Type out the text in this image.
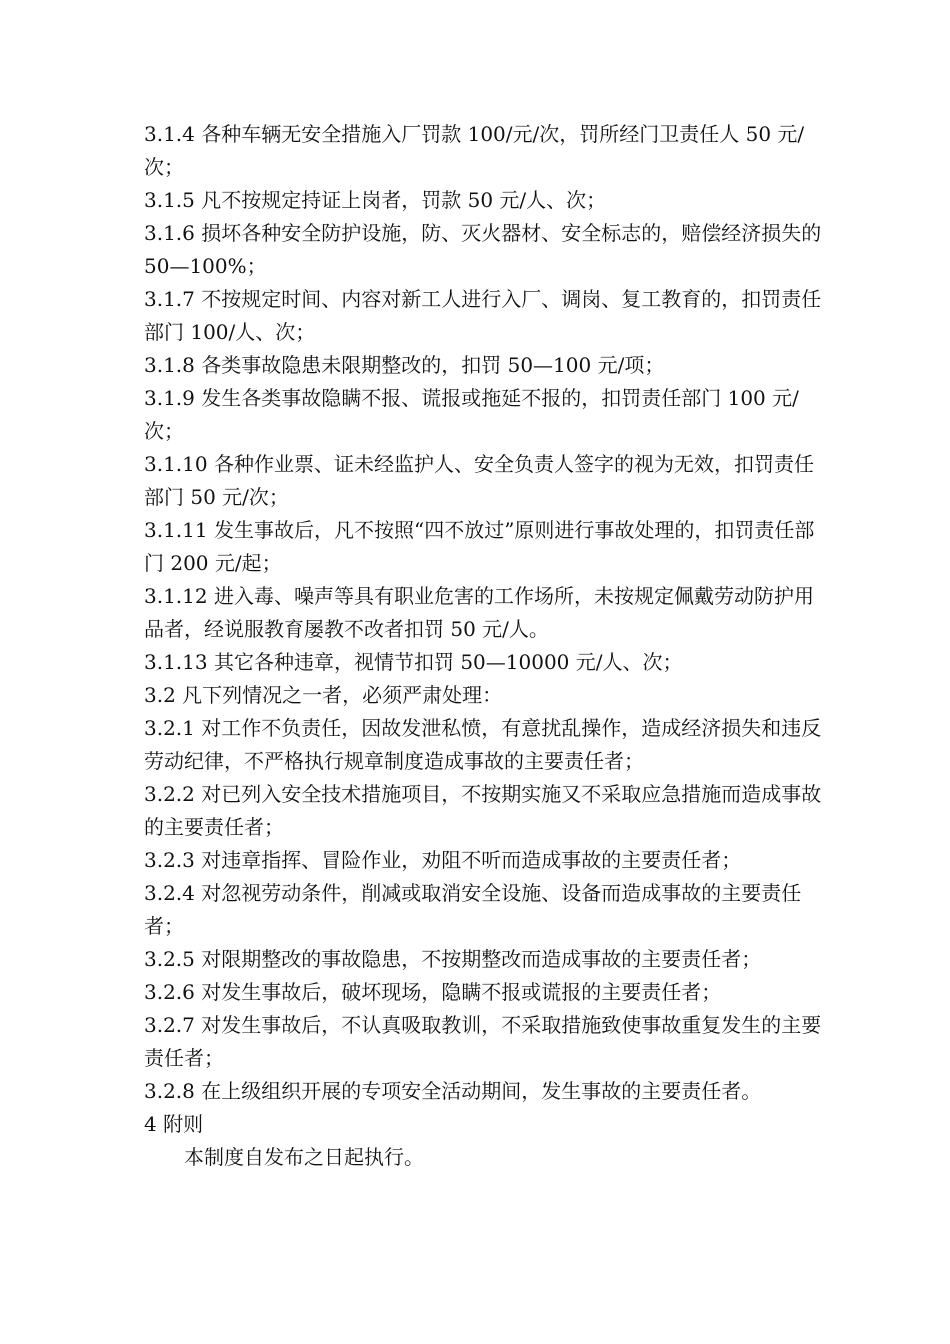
3.1.4 各种车辆无安全措施入厂罚款 100/元/次，罚所经门卫责任人 50 元/次；

3.1.5 凡不按规定持证上岗者，罚款 50 元/人、次；

3.1.6 损坏各种安全防护设施，防、灭火器材、安全标志的，赔偿经济损失的 50—100%；

3.1.7 不按规定时间、内容对新工人进行入厂、调岗、复工教育的，扣罚责任部门 100/人、次；

3.1.8 各类事故隐患未限期整改的，扣罚 50—100 元/项；

3.1.9 发生各类事故隐瞒不报、谎报或拖延不报的，扣罚责任部门 100 元/次；

3.1.10 各种作业票、证未经监护人、安全负责人签字的视为无效，扣罚责任部门 50 元/次；

3.1.11 发生事故后，凡不按照“四不放过”原则进行事故处理的，扣罚责任部门 200 元/起；

3.1.12 进入毒、噪声等具有职业危害的工作场所，未按规定佩戴劳动防护用品者，经说服教育屡教不改者扣罚 50 元/人。

3.1.13 其它各种违章，视情节扣罚 50—10000 元/人、次；

3.2 凡下列情况之一者，必须严肃处理：

3.2.1 对工作不负责任，因故发泄私愤，有意扰乱操作，造成经济损失和违反劳动纪律，不严格执行规章制度造成事故的主要责任者；

3.2.2 对已列入安全技术措施项目，不按期实施又不采取应急措施而造成事故的主要责任者；

3.2.3 对违章指挥、冒险作业，劝阻不听而造成事故的主要责任者；

3.2.4 对忽视劳动条件，削减或取消安全设施、设备而造成事故的主要责任者；

3.2.5 对限期整改的事故隐患，不按期整改而造成事故的主要责任者；

3.2.6 对发生事故后，破坏现场，隐瞒不报或谎报的主要责任者；

3.2.7 对发生事故后，不认真吸取教训，不采取措施致使事故重复发生的主要责任者；

3.2.8 在上级组织开展的专项安全活动期间，发生事故的主要责任者。

4 附则

本制度自发布之日起执行。
